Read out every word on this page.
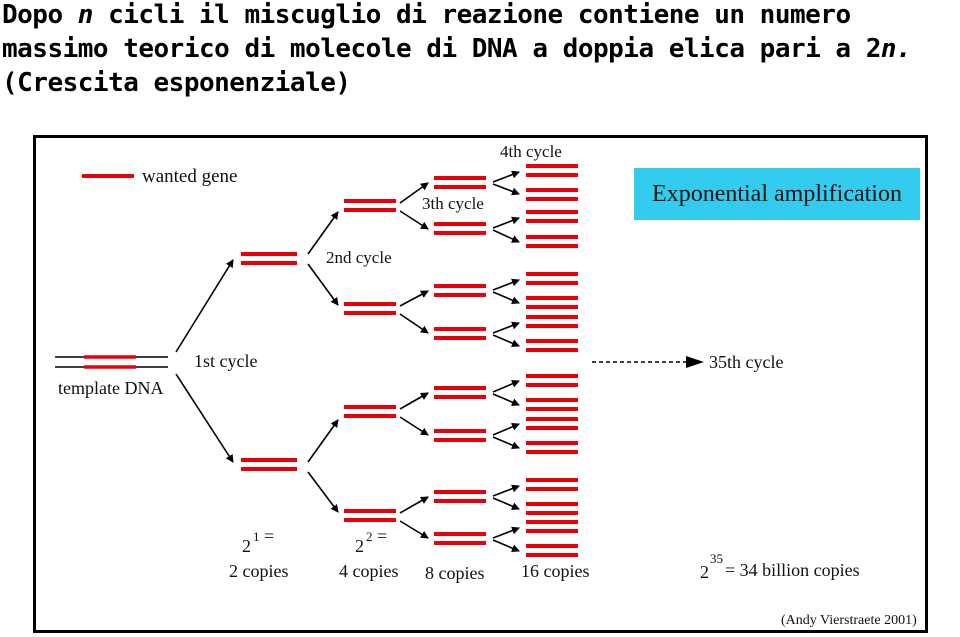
Dopo n cicli il miscuglio di reazione contiene un numero massimo teorico di molecole di DNA a doppia elica pari a 2n. (Crescita esponenziale)
wanted gene
template DNA
1st cycle
2nd cycle
3th cycle
4th cycle
35th cycle
2 1 =	2 2 =
2 copies	4 copies 8 copies 16 copies	2
35
= 34 billion copies
(Andy Vierstraete 2001)
Exponential amplification
